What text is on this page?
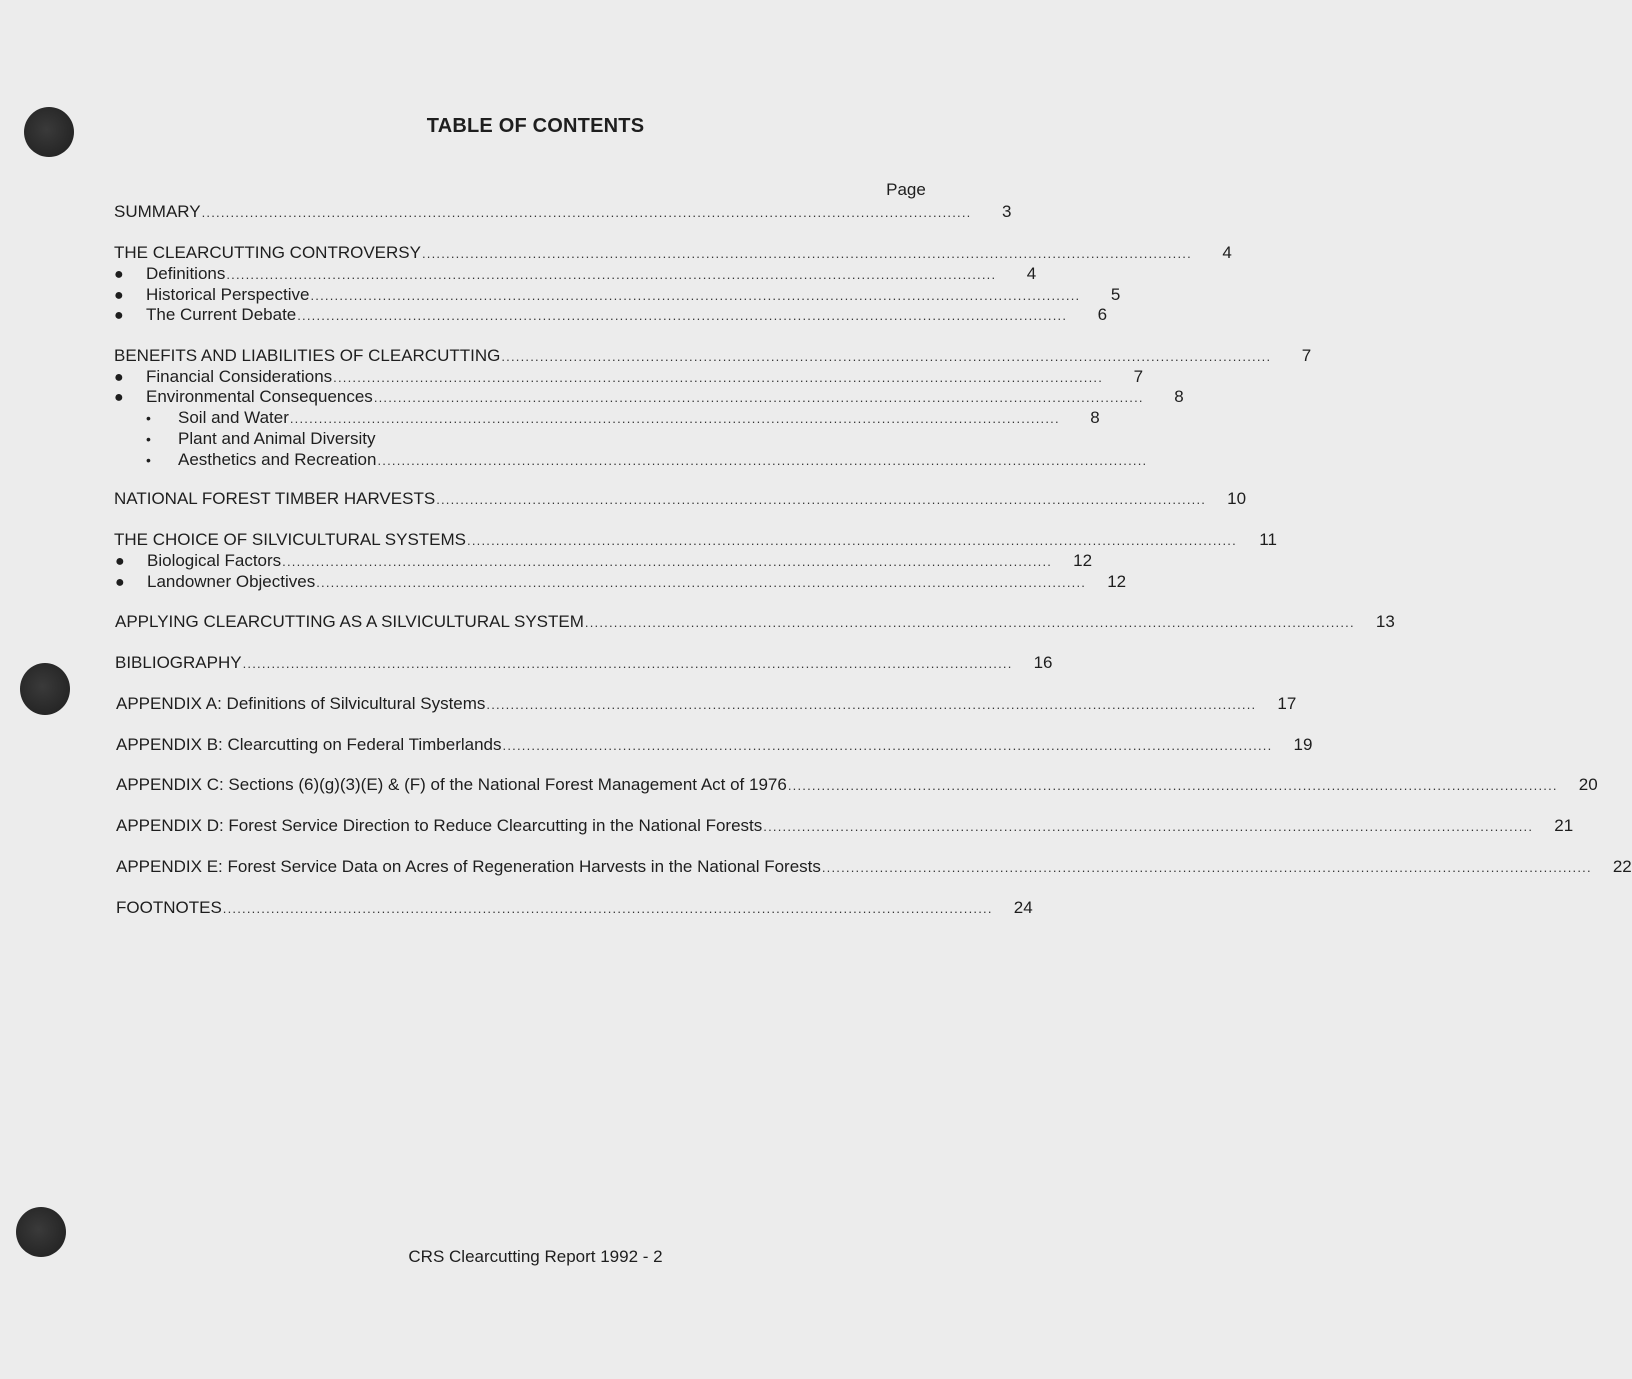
TABLE OF CONTENTS
Page
SUMMARY ................................................................................................................................................................	3
THE CLEARCUTTING CONTROVERSY ................................................................................................................................................................	4
●	Definitions ................................................................................................................................................................	4
●	Historical Perspective ................................................................................................................................................................	5
●	The Current Debate ................................................................................................................................................................	6
BENEFITS AND LIABILITIES OF CLEARCUTTING ................................................................................................................................................................	7
●	Financial Considerations ................................................................................................................................................................	7
●	Environmental Consequences ................................................................................................................................................................	8
•	Soil and Water ................................................................................................................................................................	8
•	Plant and Animal Diversity
•	Aesthetics and Recreation ................................................................................................................................................................
NATIONAL FOREST TIMBER HARVESTS ................................................................................................................................................................	10
THE CHOICE OF SILVICULTURAL SYSTEMS ................................................................................................................................................................	11
●	Biological Factors ................................................................................................................................................................	12
●	Landowner Objectives ................................................................................................................................................................	12
APPLYING CLEARCUTTING AS A SILVICULTURAL SYSTEM ................................................................................................................................................................	13
BIBLIOGRAPHY ................................................................................................................................................................	16
APPENDIX A: Definitions of Silvicultural Systems ................................................................................................................................................................	17
APPENDIX B: Clearcutting on Federal Timberlands ................................................................................................................................................................	19
APPENDIX C: Sections (6)(g)(3)(E) & (F) of the National Forest Management Act of 1976 ................................................................................................................................................................	20
APPENDIX D: Forest Service Direction to Reduce Clearcutting in the National Forests ................................................................................................................................................................	21
APPENDIX E: Forest Service Data on Acres of Regeneration Harvests in the National Forests ................................................................................................................................................................	22
FOOTNOTES ................................................................................................................................................................	24
CRS Clearcutting Report 1992 - 2
